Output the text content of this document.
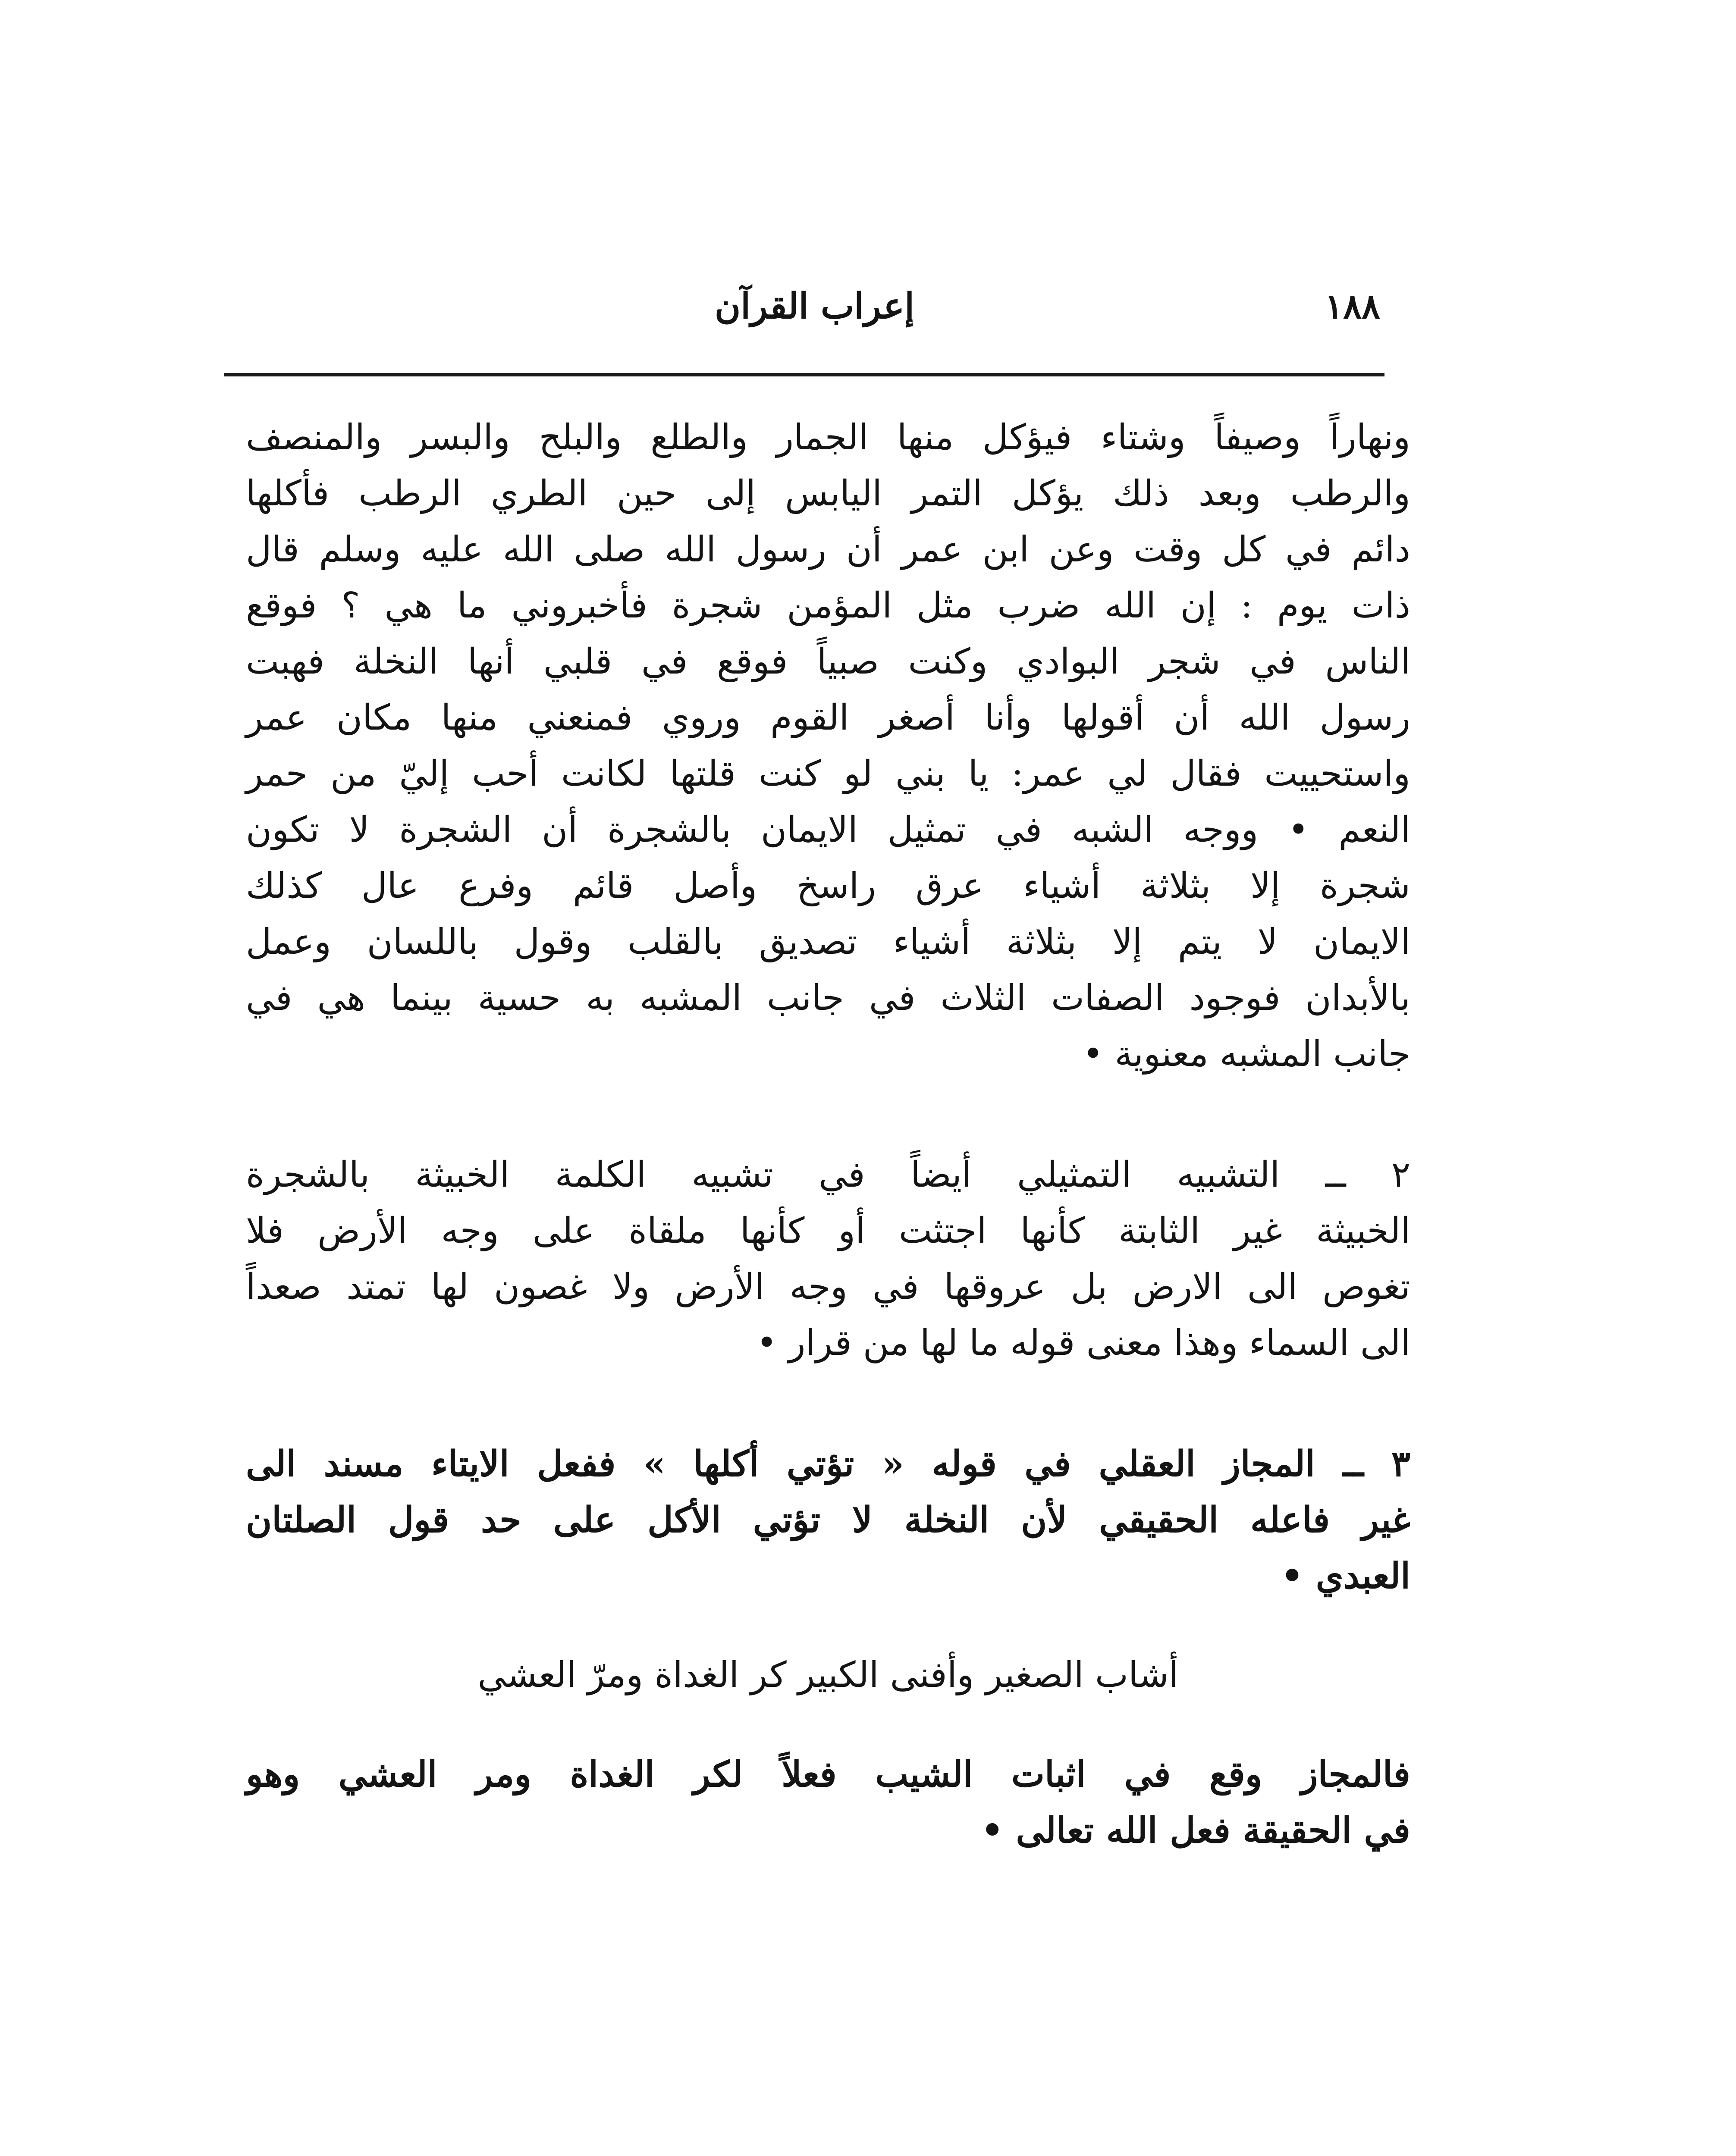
١٨٨
إعراب القرآن
ونهاراً وصيفاً وشتاء فيؤكل منها الجمار والطلع والبلح والبسر والمنصف
والرطب وبعد ذلك يؤكل التمر اليابس إلى حين الطري الرطب فأكلها
دائم في كل وقت وعن ابن عمر أن رسول الله صلى الله عليه وسلم قال
ذات يوم : إن الله ضرب مثل المؤمن شجرة فأخبروني ما هي ؟ فوقع
الناس في شجر البوادي وكنت صبياً فوقع في قلبي أنها النخلة فهبت
رسول الله أن أقولها وأنا أصغر القوم وروي فمنعني منها مكان عمر
واستحييت فقال لي عمر: يا بني لو كنت قلتها لكانت أحب إليّ من حمر
النعم • ووجه الشبه في تمثيل الايمان بالشجرة أن الشجرة لا تكون
شجرة إلا بثلاثة أشياء عرق راسخ وأصل قائم وفرع عال كذلك
الايمان لا يتم إلا بثلاثة أشياء تصديق بالقلب وقول باللسان وعمل
بالأبدان فوجود الصفات الثلاث في جانب المشبه به حسية بينما هي في
جانب المشبه معنوية •
٢ ــ التشبيه التمثيلي أيضاً في تشبيه الكلمة الخبيثة بالشجرة
الخبيثة غير الثابتة كأنها اجتثت أو كأنها ملقاة على وجه الأرض فلا
تغوص الى الارض بل عروقها في وجه الأرض ولا غصون لها تمتد صعداً
الى السماء وهذا معنى قوله ما لها من قرار •
٣ ــ المجاز العقلي في قوله « تؤتي أكلها » ففعل الايتاء مسند الى
غير فاعله الحقيقي لأن النخلة لا تؤتي الأكل على حد قول الصلتان
العبدي •
أشاب الصغير وأفنى الكبير كر الغداة ومرّ العشي
فالمجاز وقع في اثبات الشيب فعلاً لكر الغداة ومر العشي وهو
في الحقيقة فعل الله تعالى •
